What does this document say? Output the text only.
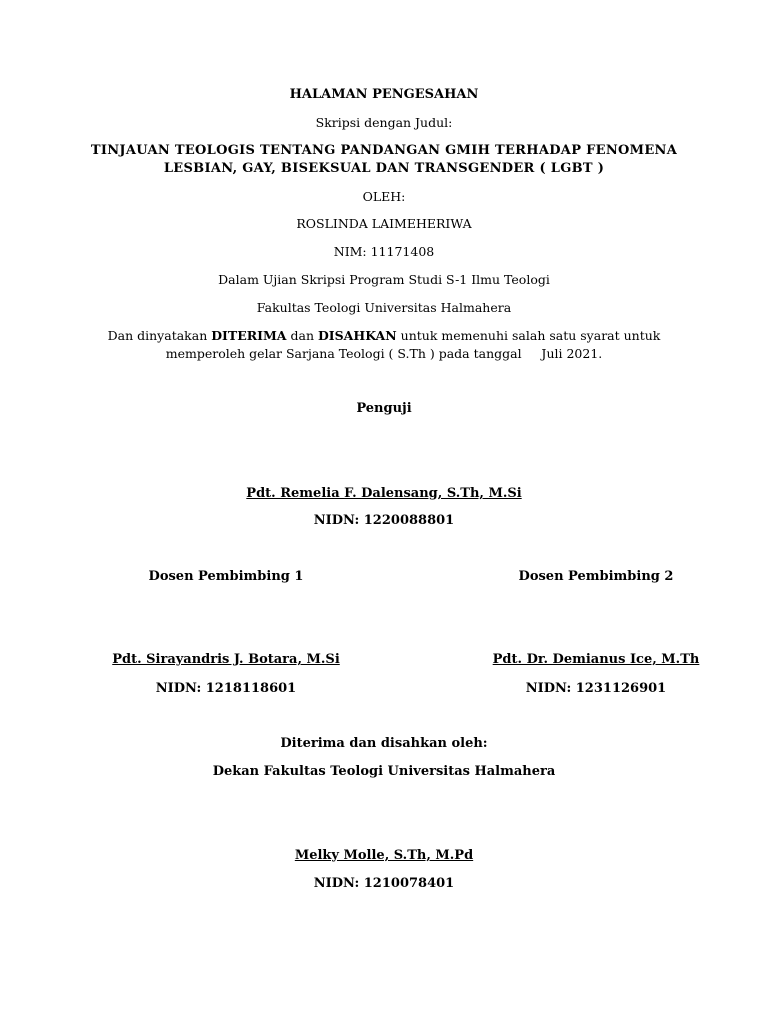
HALAMAN PENGESAHAN
Skripsi dengan Judul:
TINJAUAN TEOLOGIS TENTANG PANDANGAN GMIH TERHADAP FENOMENA
LESBIAN, GAY, BISEKSUAL DAN TRANSGENDER ( LGBT )
OLEH:
ROSLINDA LAIMEHERIWA
NIM: 11171408
Dalam Ujian Skripsi Program Studi S-1 Ilmu Teologi
Fakultas Teologi Universitas Halmahera
Dan dinyatakan DITERIMA dan DISAHKAN untuk memenuhi salah satu syarat untuk
memperoleh gelar Sarjana Teologi ( S.Th ) pada tanggal     Juli 2021.
Penguji
Pdt. Remelia F. Dalensang, S.Th, M.Si
NIDN: 1220088801
Dosen Pembimbing 1	Dosen Pembimbing 2
Pdt. Sirayandris J. Botara, M.Si	Pdt. Dr. Demianus Ice, M.Th
NIDN: 1218118601	NIDN: 1231126901
Diterima dan disahkan oleh:
Dekan Fakultas Teologi Universitas Halmahera
Melky Molle, S.Th, M.Pd
NIDN: 1210078401
